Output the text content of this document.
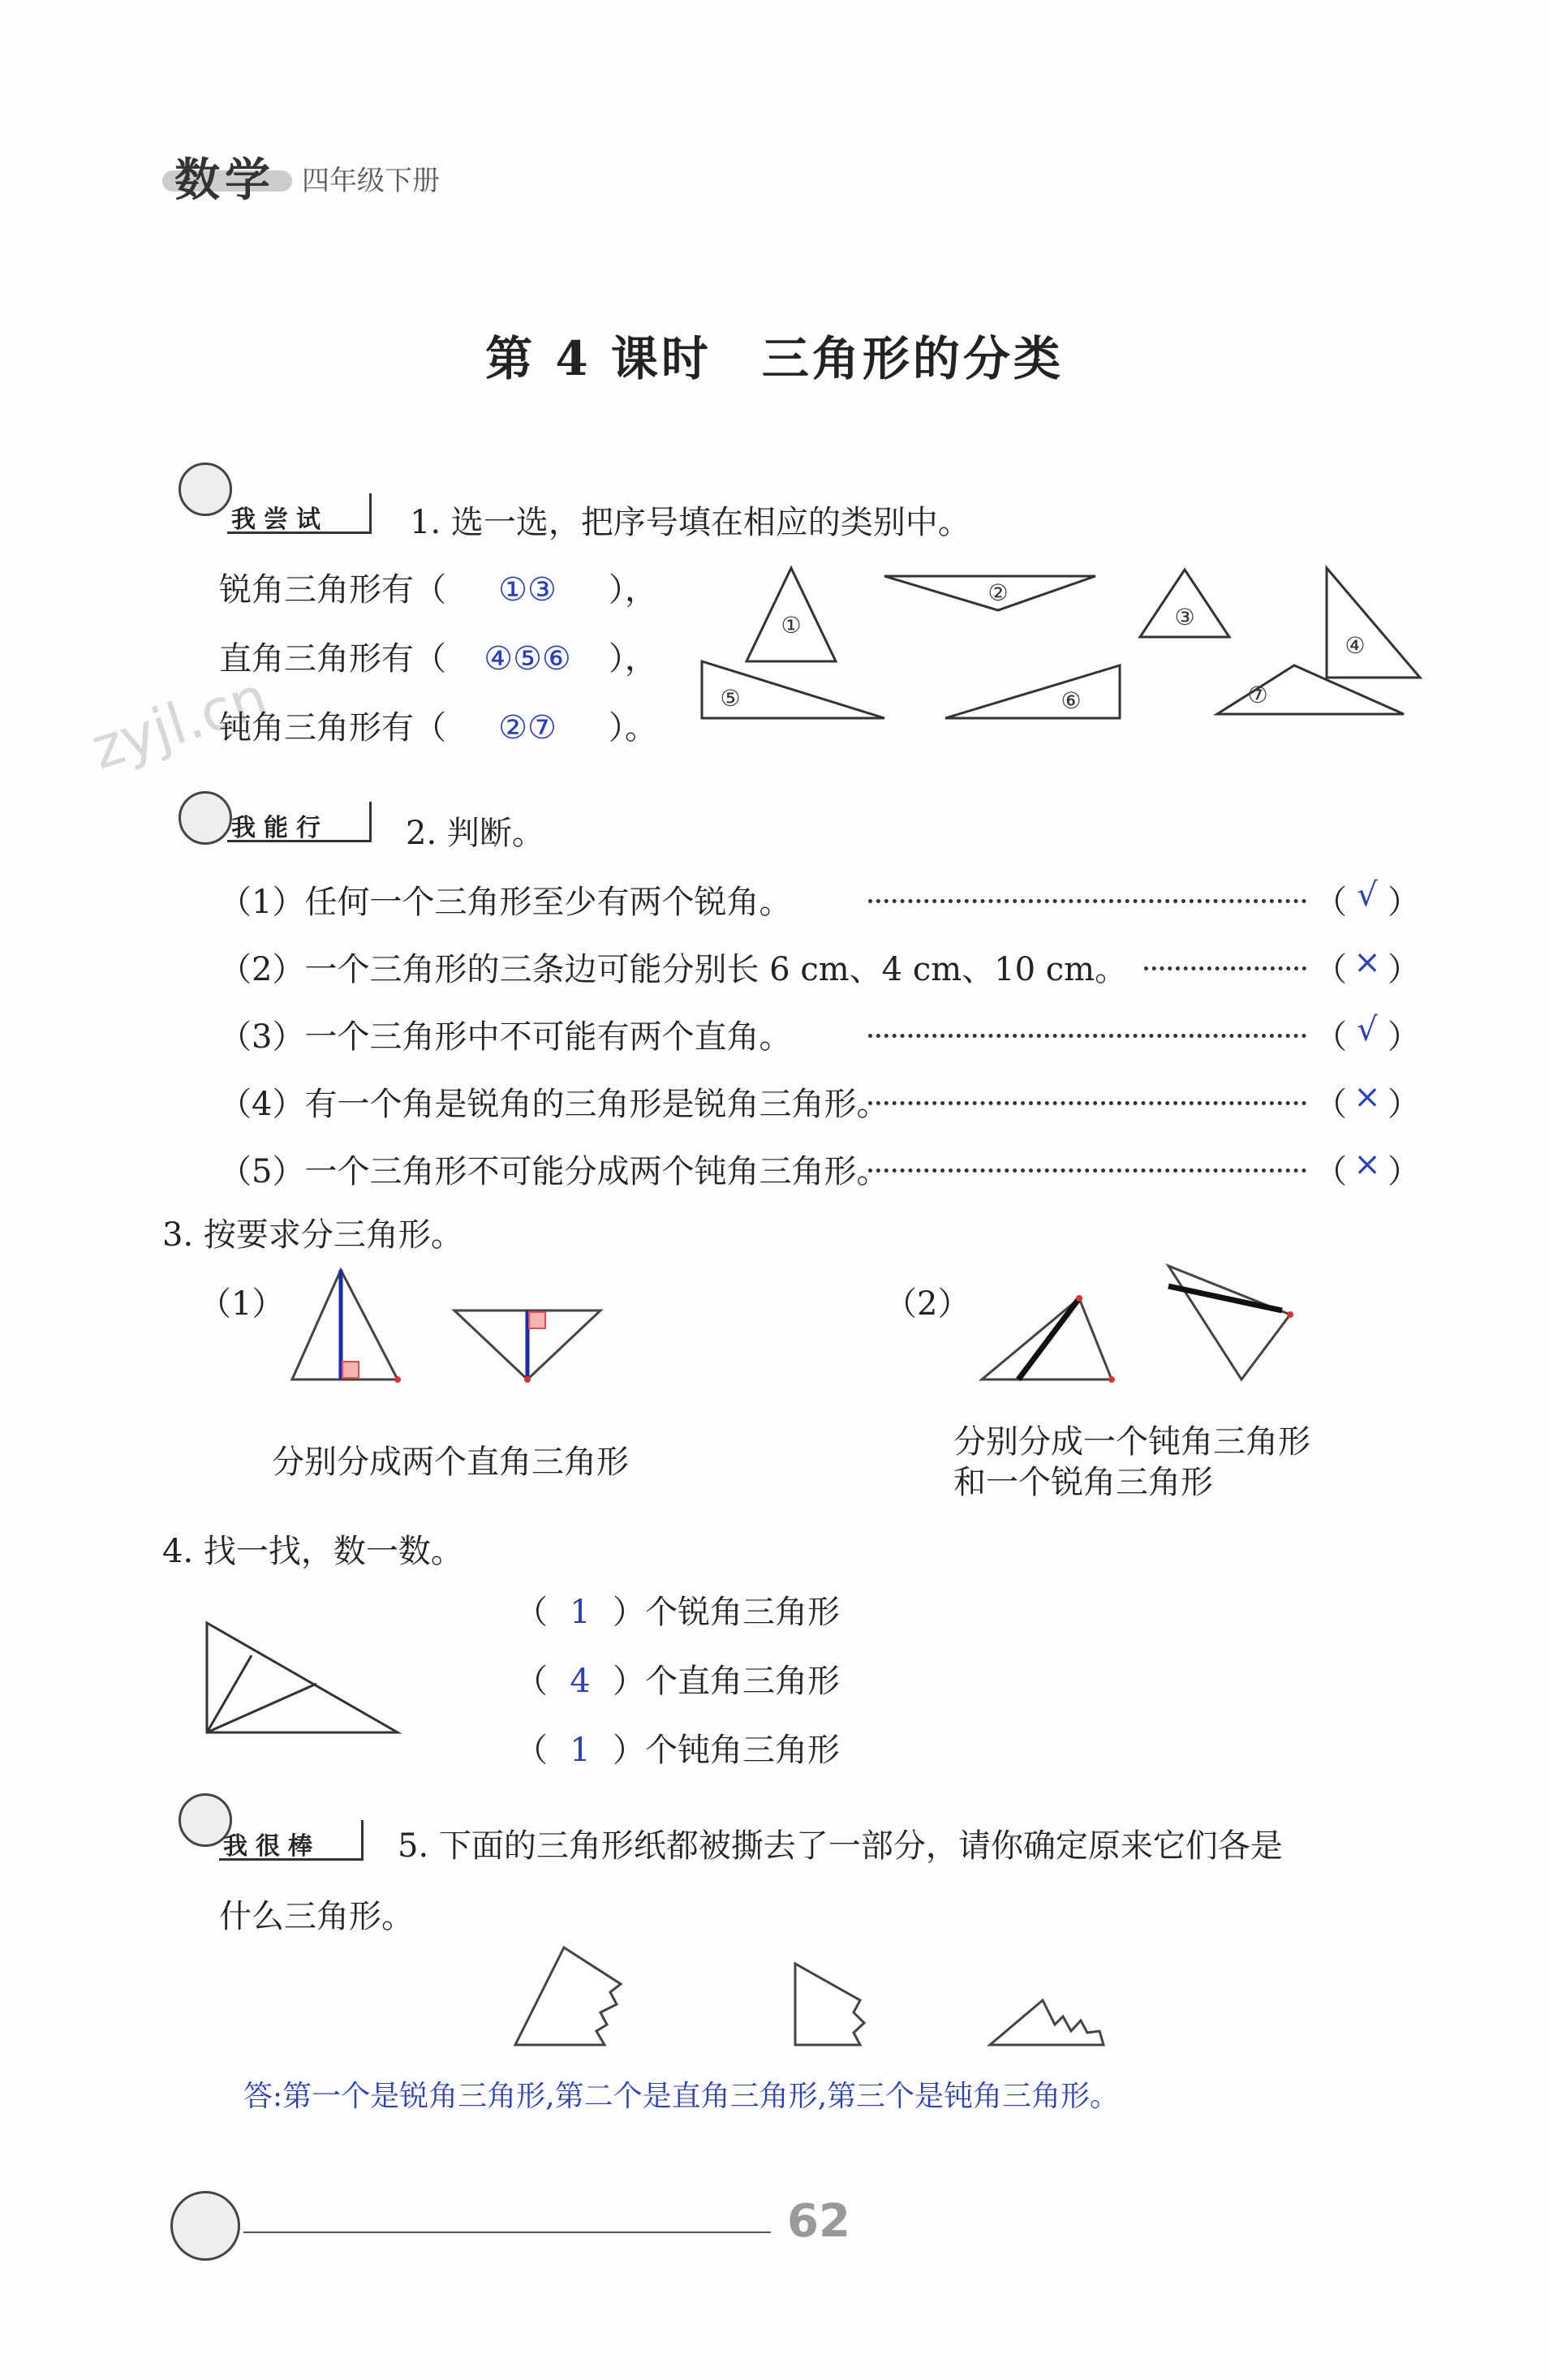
数学 四年级下册
第 4 课时　三角形的分类
zyjl.cn
我尝试	1. 选一选，把序号填在相应的类别中。
锐角三角形有（ ①③ ），
直角三角形有（ ④⑤⑥ ），
钝角三角形有（ ②⑦ ）。
①
②
③
④
⑤	⑥	⑦
我能行 2. 判断。
（1）任何一个三角形至少有两个锐角。	（ √ ）
（2）一个三角形的三条边可能分别长 6 cm、4 cm、10 cm。	（ × ）
（3）一个三角形中不可能有两个直角。	（ √ ）
（4）有一个角是锐角的三角形是锐角三角形。	（ × ）
（5）一个三角形不可能分成两个钝角三角形。	（ × ）
3. 按要求分三角形。
（1）	（2）
分别分成两个直角三角形
分别分成一个钝角三角形
和一个锐角三角形
4. 找一找，数一数。
（ 1 ）个锐角三角形
（ 4 ）个直角三角形
（ 1 ）个钝角三角形
我很棒 5. 下面的三角形纸都被撕去了一部分，请你确定原来它们各是
什么三角形。
答:第一个是锐角三角形,第二个是直角三角形,第三个是钝角三角形。
62
